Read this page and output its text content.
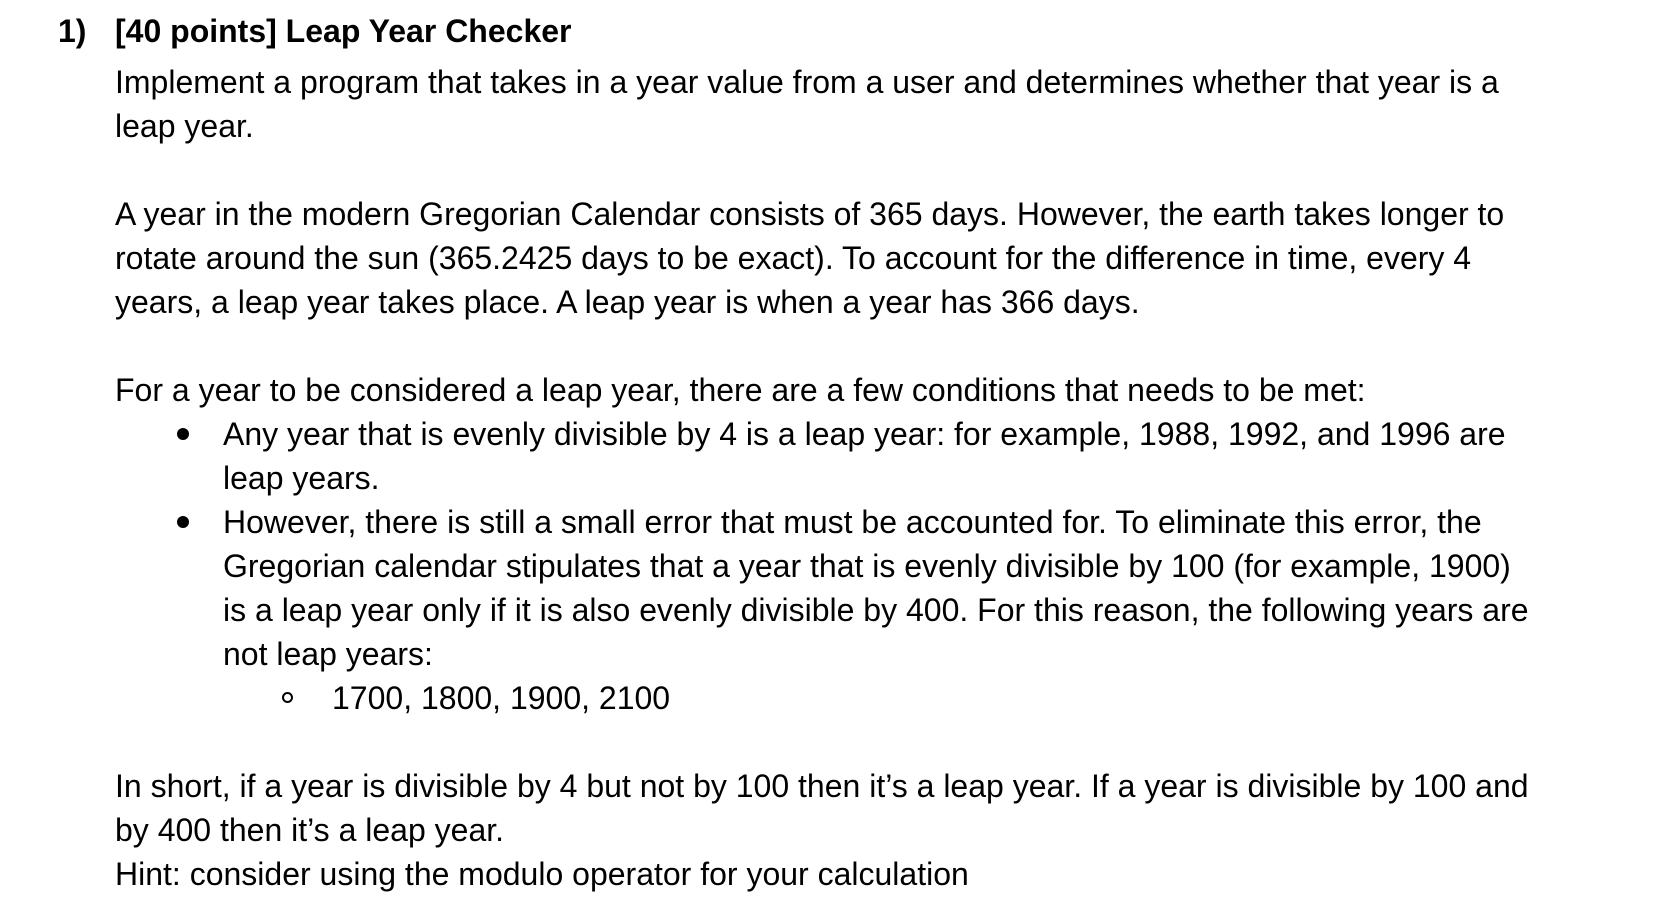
1) [40 points] Leap Year Checker

Implement a program that takes in a year value from a user and determines whether that year is a leap year.

A year in the modern Gregorian Calendar consists of 365 days. However, the earth takes longer to rotate around the sun (365.2425 days to be exact). To account for the difference in time, every 4 years, a leap year takes place. A leap year is when a year has 366 days.

For a year to be considered a leap year, there are a few conditions that needs to be met:

Any year that is evenly divisible by 4 is a leap year: for example, 1988, 1992, and 1996 are leap years.
However, there is still a small error that must be accounted for. To eliminate this error, the Gregorian calendar stipulates that a year that is evenly divisible by 100 (for example, 1900) is a leap year only if it is also evenly divisible by 400. For this reason, the following years are not leap years:
1700, 1800, 1900, 2100

In short, if a year is divisible by 4 but not by 100 then it’s a leap year. If a year is divisible by 100 and by 400 then it’s a leap year.

Hint: consider using the modulo operator for your calculation
